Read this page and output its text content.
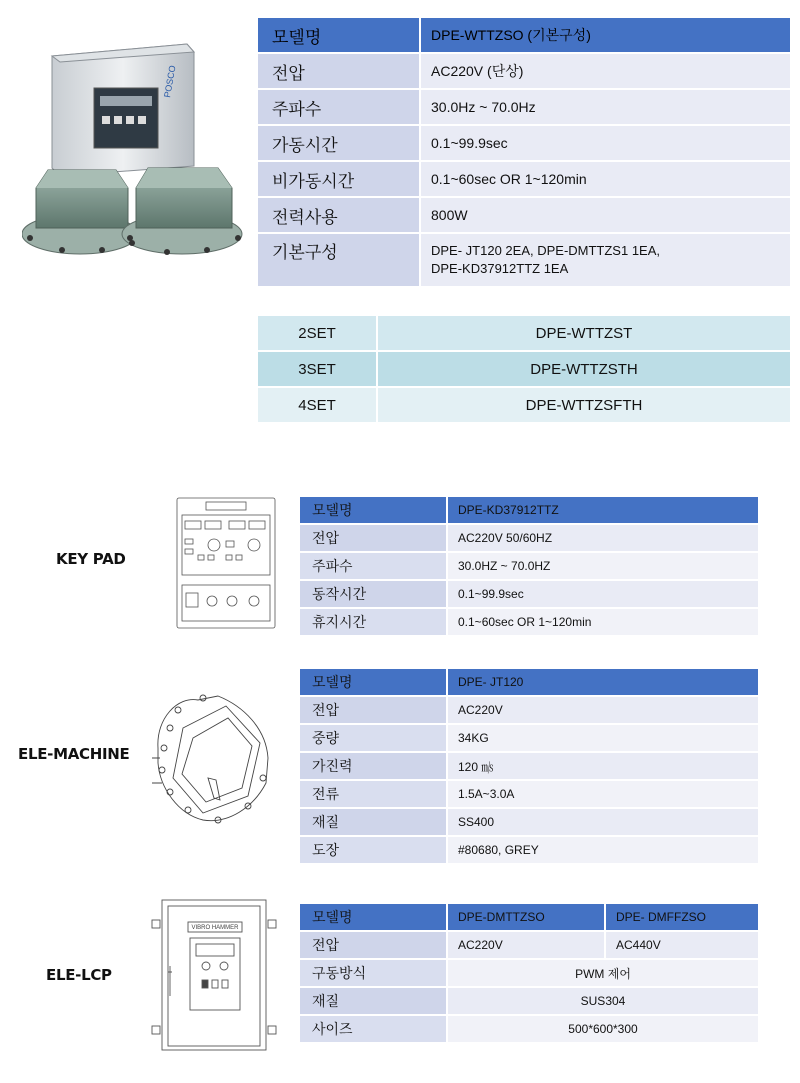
POSCO
모델명	DPE-WTTZSO (기본구성)
전압	AC220V (단상)
주파수	30.0Hz ~ 70.0Hz
가동시간	0.1~99.9sec
비가동시간	0.1~60sec OR 1~120min
전력사용	800W
기본구성	DPE- JT120 2EA, DPE-DMTTZS1 1EA,
DPE-KD37912TTZ 1EA
2SET	DPE-WTTZST
3SET	DPE-WTTZSTH
4SET	DPE-WTTZSFTH
KEY PAD
모델명	DPE-KD37912TTZ
전압	AC220V 50/60HZ
주파수	30.0HZ ~ 70.0HZ
동작시간	0.1~99.9sec
휴지시간	0.1~60sec OR 1~120min
ELE-MACHINE
모델명	DPE- JT120
전압	AC220V
중량	34KG
가진력	120 ㎧
전류	1.5A~3.0A
재질	SS400
도장	#80680, GREY
ELE-LCP
VIBRO HAMMER
모델명	DPE-DMTTZSO	DPE- DMFFZSO
전압	AC220V	AC440V
구동방식	PWM 제어	
재질	SUS304	
사이즈	500*600*300	
